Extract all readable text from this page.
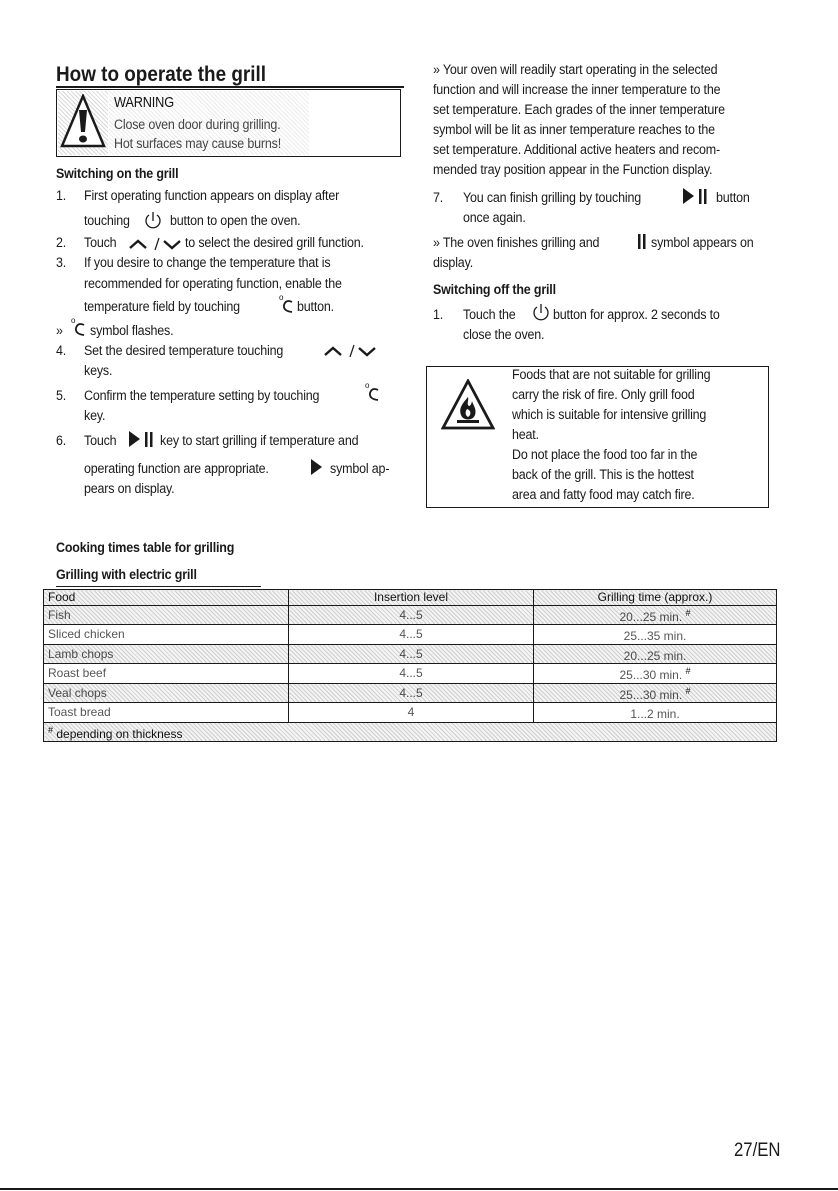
How to operate the grill
WARNING
Close oven door during grilling.
Hot surfaces may cause burns!
Switching on the grill
1. First operating function appears on display after
touching	button to open the oven.
2. Touch	to select the desired grill function.
3. If you desire to change the temperature that is
recommended for operating function, enable the
temperature field by touching
o
button.
»
o
symbol flashes.
4. Set the desired temperature touching
keys.
5. Confirm the temperature setting by touching
o
key.
6. Touch	key to start grilling if temperature and
operating function are appropriate.	symbol ap-
pears on display.
» Your oven will readily start operating in the selected
function and will increase the inner temperature to the
set temperature. Each grades of the inner temperature
symbol will be lit as inner temperature reaches to the
set temperature. Additional active heaters and recom-
mended tray position appear in the Function display.
7. You can finish grilling by touching	button
once again.
» The oven finishes grilling and	symbol appears on
display.
Switching off the grill
1. Touch the	button for approx. 2 seconds to
close the oven.
Foods that are not suitable for grilling
carry the risk of fire. Only grill food
which is suitable for intensive grilling
heat.
Do not place the food too far in the
back of the grill. This is the hottest
area and fatty food may catch fire.
Cooking times table for grilling
Grilling with electric grill
Food	Insertion level	Grilling time (approx.)
Fish	4...5	20...25 min. #
Sliced chicken	4...5	25...35 min.
Lamb chops	4...5	20...25 min.
Roast beef	4...5	25...30 min. #
Veal chops	4...5	25...30 min. #
Toast bread	4	1...2 min.
# depending on thickness		
27/EN
